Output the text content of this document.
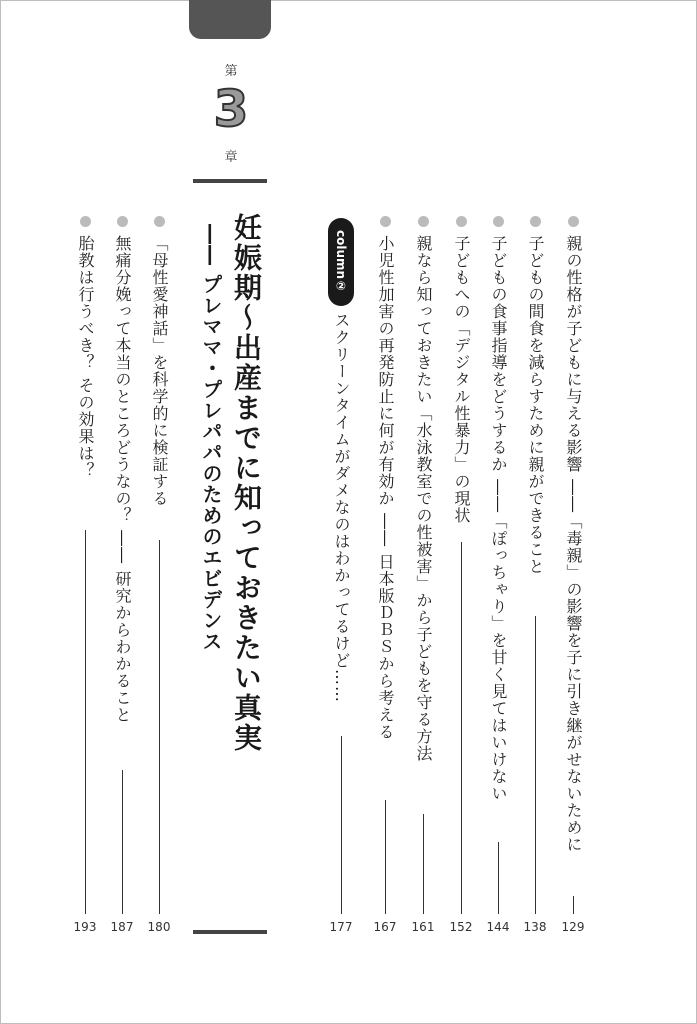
第
3
章
親の性格が子どもに与える影響 ――「毒親」の影響を子に引き継がせないために
129
子どもの間食を減らすために親ができること
138
子どもの食事指導をどうするか ――「ぽっちゃり」を甘く見てはいけない
144
子どもへの「デジタル性暴力」の現状
152
親なら知っておきたい「水泳教室での性被害」から子どもを守る方法
161
小児性加害の再発防止に何が有効か ―― 日本版ＤＢＳから考える
167
column②
スクリーンタイムがダメなのはわかってるけど……
177
妊娠期〜出産までに知っておきたい真実
―― プレママ・プレパパのためのエビデンス
「母性愛神話」を科学的に検証する
180
無痛分娩って本当のところどうなの？ ―― 研究からわかること
187
胎教は行うべき？ その効果は？
193
